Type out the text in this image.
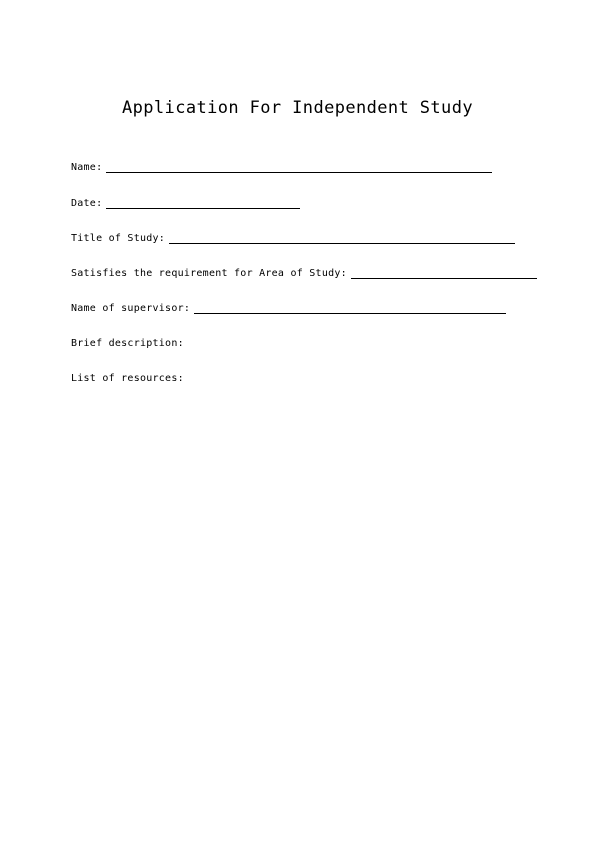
Application For Independent Study
Name:
Date:
Title of Study:
Satisfies the requirement for Area of Study:
Name of supervisor:
Brief description:
List of resources:
